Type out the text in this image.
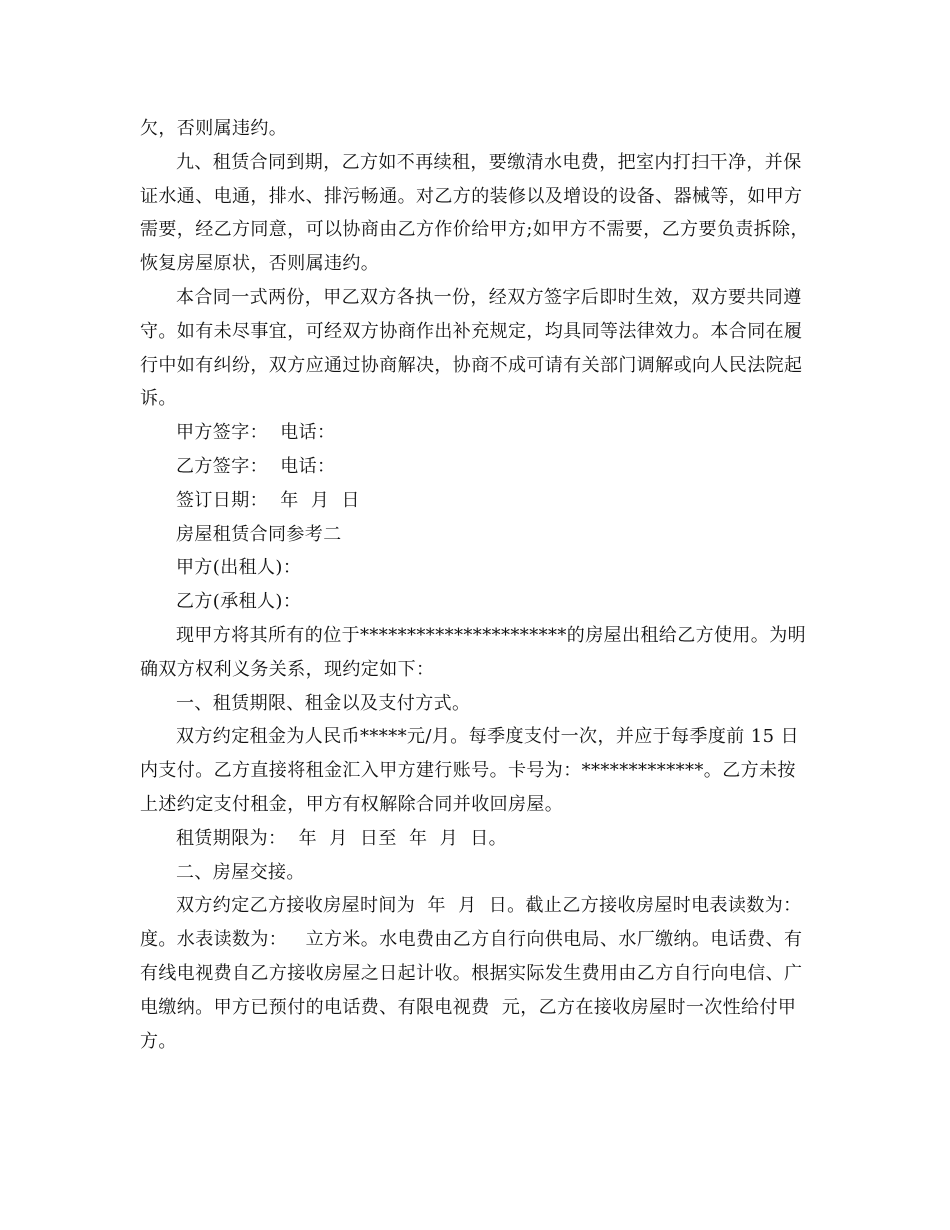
欠，否则属违约。
九、租赁合同到期，乙方如不再续租，要缴清水电费，把室内打扫干净，并保
证水通、电通，排水、排污畅通。对乙方的装修以及增设的设备、器械等，如甲方
需要，经乙方同意，可以协商由乙方作价给甲方;如甲方不需要，乙方要负责拆除，
恢复房屋原状，否则属违约。
本合同一式两份，甲乙双方各执一份，经双方签字后即时生效，双方要共同遵
守。如有未尽事宜，可经双方协商作出补充规定，均具同等法律效力。本合同在履
行中如有纠纷，双方应通过协商解决，协商不成可请有关部门调解或向人民法院起
诉。
甲方签字：  电话：
乙方签字：  电话：
签订日期：  年  月  日
房屋租赁合同参考二
甲方(出租人)：
乙方(承租人)：
现甲方将其所有的位于**********************的房屋出租给乙方使用。为明
确双方权利义务关系，现约定如下：
一、租赁期限、租金以及支付方式。
双方约定租金为人民币*****元/月。每季度支付一次，并应于每季度前 15 日
内支付。乙方直接将租金汇入甲方建行账号。卡号为：*************。乙方未按
上述约定支付租金，甲方有权解除合同并收回房屋。
租赁期限为：  年  月  日至  年  月  日。
二、房屋交接。
双方约定乙方接收房屋时间为  年  月  日。截止乙方接收房屋时电表读数为：
度。水表读数为：   立方米。水电费由乙方自行向供电局、水厂缴纳。电话费、有
有线电视费自乙方接收房屋之日起计收。根据实际发生费用由乙方自行向电信、广
电缴纳。甲方已预付的电话费、有限电视费  元，乙方在接收房屋时一次性给付甲
方。
